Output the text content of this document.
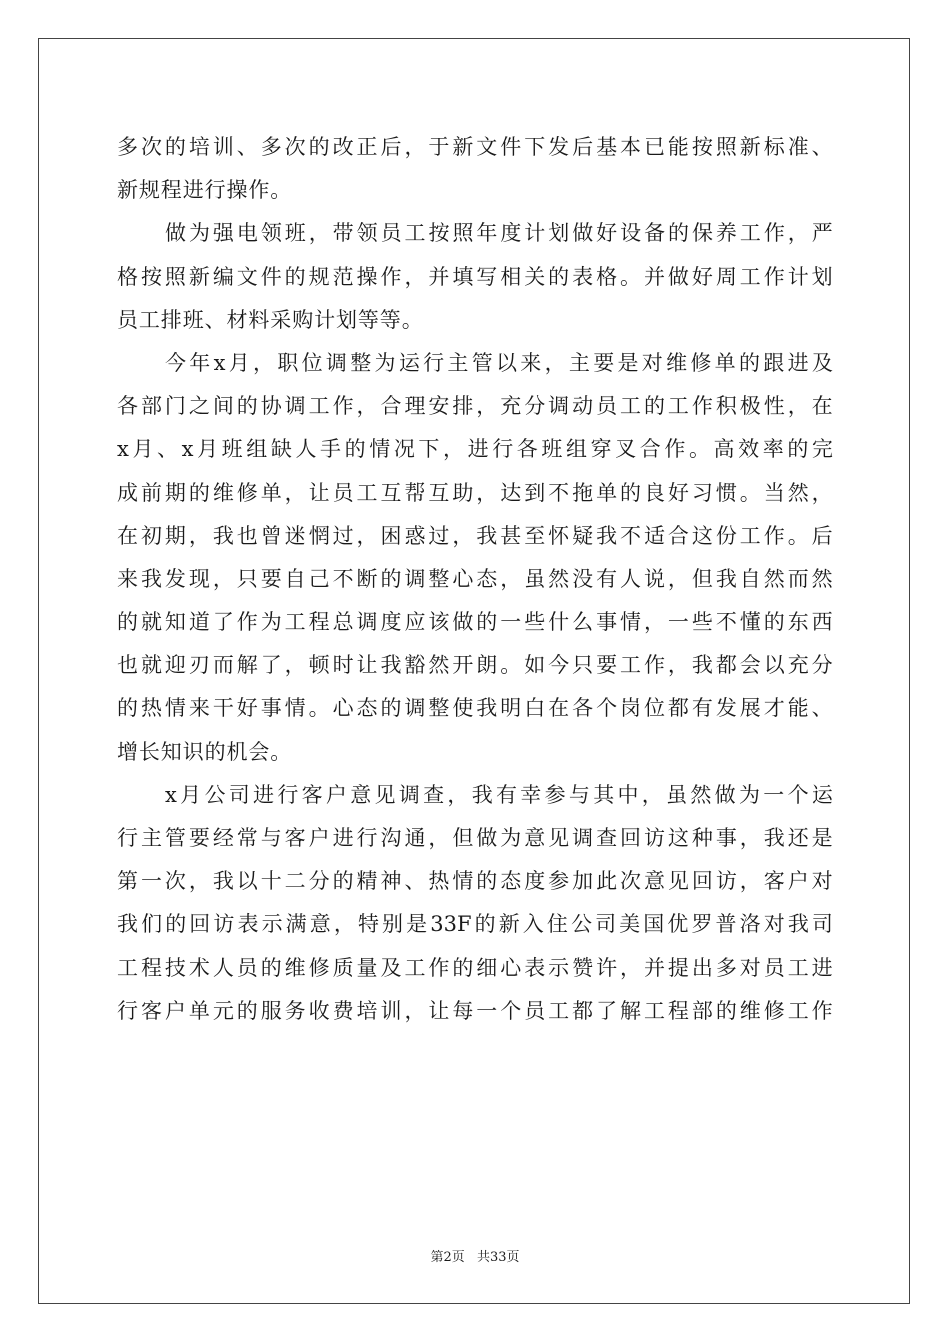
多 次 的 培 训 、 多 次 的 改 正 后 ， 于 新 文 件 下 发 后 基 本 已 能 按 照 新 标 准 、
新规程进行操作。
做 为 强 电 领 班 ， 带 领 员 工 按 照 年 度 计 划 做 好 设 备 的 保 养 工 作 ， 严
格 按 照 新 编 文 件 的 规 范 操 作 ， 并 填 写 相 关 的 表 格 。 并 做 好 周 工 作 计 划
员工排班、材料采购计划等等。
今 年 x 月 ， 职 位 调 整 为 运 行 主 管 以 来 ， 主 要 是 对 维 修 单 的 跟 进 及
各 部 门 之 间 的 协 调 工 作 ， 合 理 安 排 ， 充 分 调 动 员 工 的 工 作 积 极 性 ， 在
x 月 、 x 月 班 组 缺 人 手 的 情 况 下 ， 进 行 各 班 组 穿 叉 合 作 。 高 效 率 的 完
成 前 期 的 维 修 单 ， 让 员 工 互 帮 互 助 ， 达 到 不 拖 单 的 良 好 习 惯 。 当 然 ，
在 初 期 ， 我 也 曾 迷 惘 过 ， 困 惑 过 ， 我 甚 至 怀 疑 我 不 适 合 这 份 工 作 。 后
来 我 发 现 ， 只 要 自 己 不 断 的 调 整 心 态 ， 虽 然 没 有 人 说 ， 但 我 自 然 而 然
的 就 知 道 了 作 为 工 程 总 调 度 应 该 做 的 一 些 什 么 事 情 ， 一 些 不 懂 的 东 西
也 就 迎 刃 而 解 了 ， 顿 时 让 我 豁 然 开 朗 。 如 今 只 要 工 作 ， 我 都 会 以 充 分
的 热 情 来 干 好 事 情 。 心 态 的 调 整 使 我 明 白 在 各 个 岗 位 都 有 发 展 才 能 、
增长知识的机会。
x 月 公 司 进 行 客 户 意 见 调 查 ， 我 有 幸 参 与 其 中 ， 虽 然 做 为 一 个 运
行 主 管 要 经 常 与 客 户 进 行 沟 通 ， 但 做 为 意 见 调 查 回 访 这 种 事 ， 我 还 是
第 一 次 ， 我 以 十 二 分 的 精 神 、 热 情 的 态 度 参 加 此 次 意 见 回 访 ， 客 户 对
我 们 的 回 访 表 示 满 意 ， 特 别 是 33F 的 新 入 住 公 司 美 国 优 罗 普 洛 对 我 司
工 程 技 术 人 员 的 维 修 质 量 及 工 作 的 细 心 表 示 赞 许 ， 并 提 出 多 对 员 工 进
行 客 户 单 元 的 服 务 收 费 培 训 ， 让 每 一 个 员 工 都 了 解 工 程 部 的 维 修 工 作
第2页 共33页
